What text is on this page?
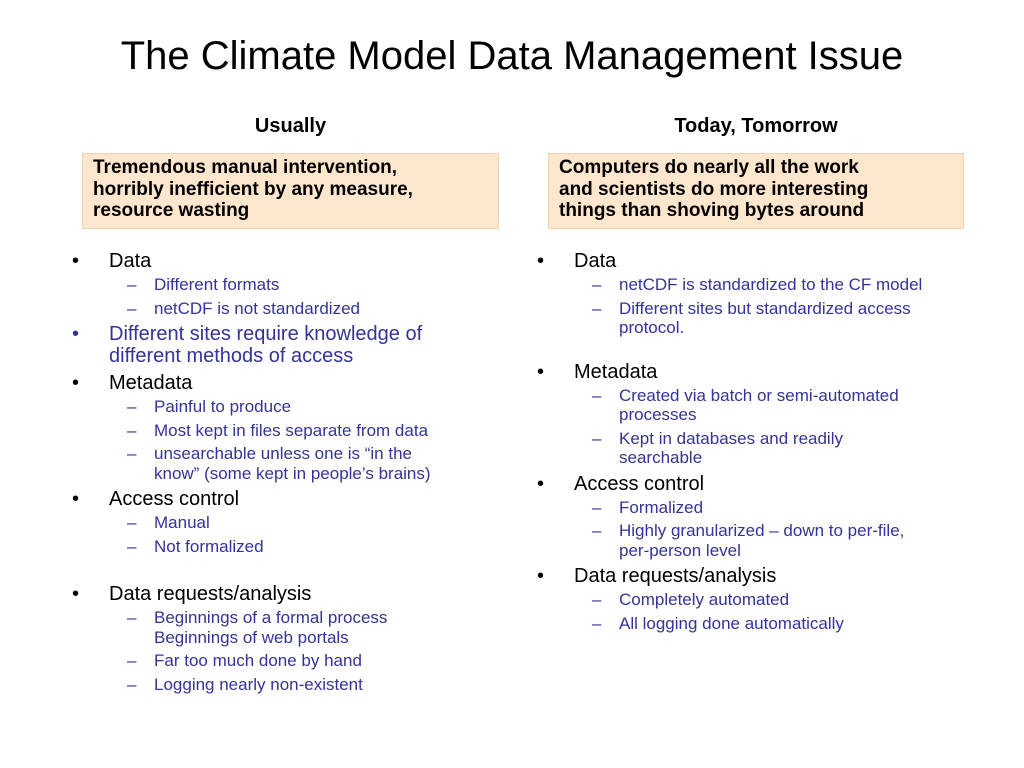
The Climate Model Data Management Issue
Usually	Today, Tomorrow
Tremendous manual intervention,
horribly inefficient by any measure,
resource wasting
Computers do nearly all the work
and scientists do more interesting
things than shoving bytes around
• Data
– Different formats
– netCDF is not standardized
• Different sites require knowledge of
different methods of access
• Metadata
– Painful to produce
– Most kept in files separate from data
– unsearchable unless one is “in the
know” (some kept in people’s brains)
• Access control
– Manual
– Not formalized
• Data requests/analysis
– Beginnings of a formal process
Beginnings of web portals
– Far too much done by hand
– Logging nearly non-existent
• Data
– netCDF is standardized to the CF model
– Different sites but standardized access
protocol.
• Metadata
– Created via batch or semi-automated
processes
– Kept in databases and readily
searchable
• Access control
– Formalized
– Highly granularized – down to per-file,
per-person level
• Data requests/analysis
– Completely automated
– All logging done automatically
